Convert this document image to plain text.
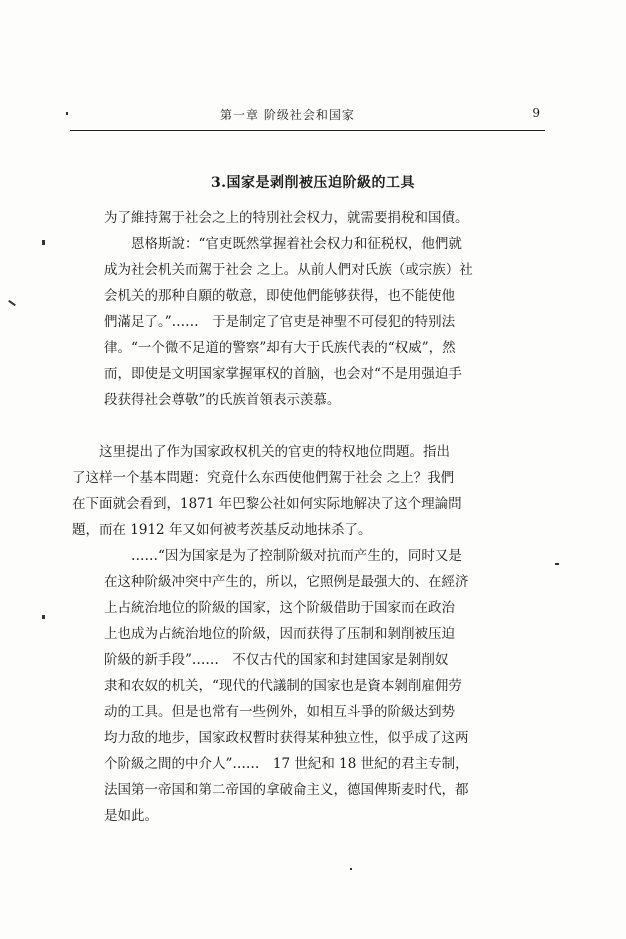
第一章 阶级社会和国家	9
3.国家是剥削被压迫阶級的工具
为了維持駕于社会之上的特別社会权力，就需要捐稅和国債。
　　恩格斯說：“官吏既然掌握着社会权力和征税权，他們就
成为社会机关而駕于社会 之上。从前人們对氏族（或宗族）社
会机关的那种自願的敬意，即使他們能够获得，也不能使他
們滿足了。”……　于是制定了官吏是神聖不可侵犯的特别法
律。“一个微不足道的警察”却有大于氏族代表的“权威”，然
而，即使是文明国家掌握軍权的首脑，也会对“不是用强迫手
段获得社会尊敬”的氏族首領表示羡慕。
　　这里提出了作为国家政权机关的官吏的特权地位問題。指出
了这样一个基本問題：究竟什么东西使他們駕于社会 之上？我們
在下面就会看到，1871 年巴黎公社如何实际地解决了这个理論問
題，而在 1912 年又如何被考茨基反动地抹杀了。
　　……“因为国家是为了控制阶級对抗而产生的，同时又是
在这种阶級冲突中产生的，所以，它照例是最强大的、在經济
上占統治地位的阶級的国家，这个阶級借助于国家而在政治
上也成为占統治地位的阶級，因而获得了压制和剝削被压迫
阶級的新手段”……　不仅古代的国家和封建国家是剝削奴
隶和农奴的机关，“现代的代議制的国家也是資本剝削雇佣劳
动的工具。但是也常有一些例外，如相互斗爭的阶級达到势
均力敌的地步，国家政权暫时获得某种独立性，似乎成了这两
个阶級之間的中介人”……　17 世紀和 18 世紀的君主专制，
法国第一帝国和第二帝国的拿破侖主义，德国俾斯麦时代，都
是如此。
